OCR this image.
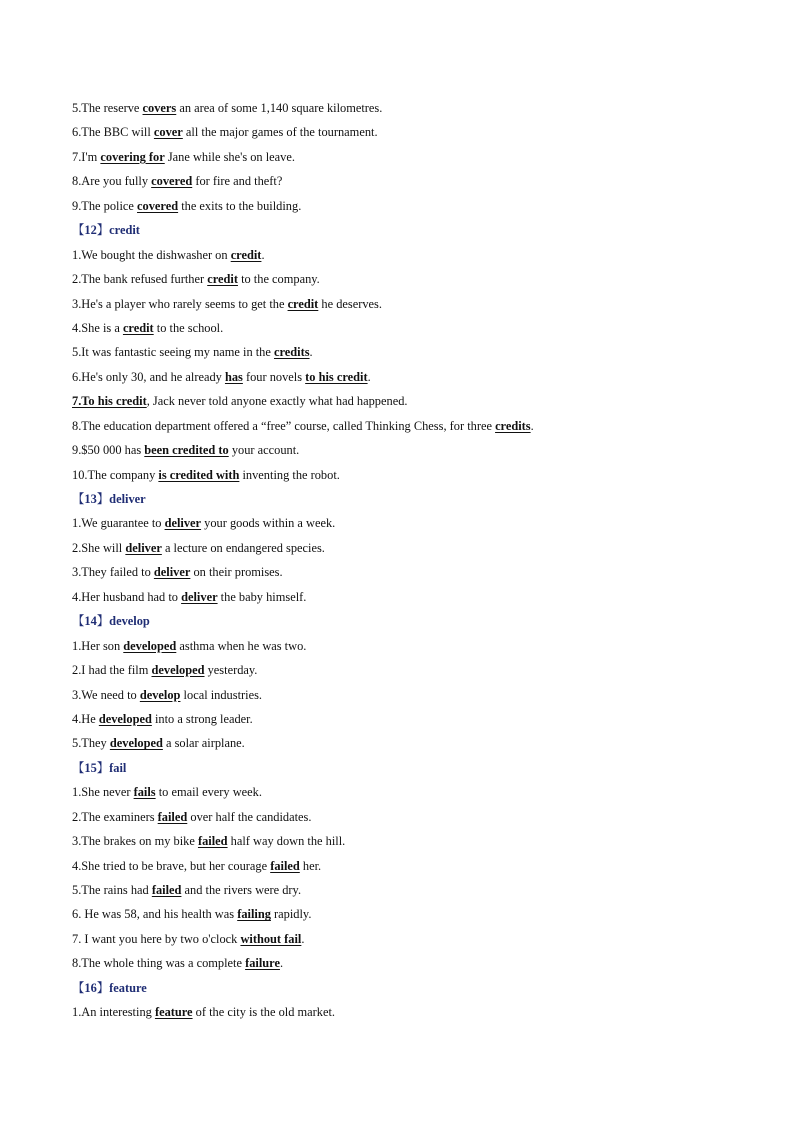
5.The reserve covers an area of some 1,140 square kilometres.
6.The BBC will cover all the major games of the tournament.
7.I'm covering for Jane while she's on leave.
8.Are you fully covered for fire and theft?
9.The police covered the exits to the building.
【12】credit
1.We bought the dishwasher on credit.
2.The bank refused further credit to the company.
3.He's a player who rarely seems to get the credit he deserves.
4.She is a credit to the school.
5.It was fantastic seeing my name in the credits.
6.He's only 30, and he already has four novels to his credit.
7.To his credit, Jack never told anyone exactly what had happened.
8.The education department offered a “free” course, called Thinking Chess, for three credits.
9.$50 000 has been credited to your account.
10.The company is credited with inventing the robot.
【13】deliver
1.We guarantee to deliver your goods within a week.
2.She will deliver a lecture on endangered species.
3.They failed to deliver on their promises.
4.Her husband had to deliver the baby himself.
【14】develop
1.Her son developed asthma when he was two.
2.I had the film developed yesterday.
3.We need to develop local industries.
4.He developed into a strong leader.
5.They developed a solar airplane.
【15】fail
1.She never fails to email every week.
2.The examiners failed over half the candidates.
3.The brakes on my bike failed half way down the hill.
4.She tried to be brave, but her courage failed her.
5.The rains had failed and the rivers were dry.
6. He was 58, and his health was failing rapidly.
7. I want you here by two o'clock without fail.
8.The whole thing was a complete failure.
【16】feature
1.An interesting feature of the city is the old market.
